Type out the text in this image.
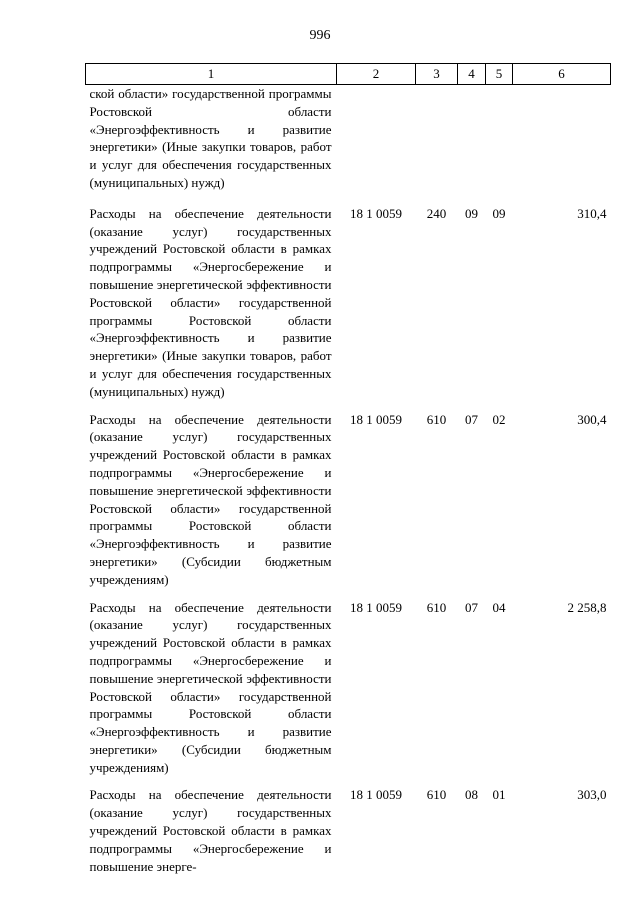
996
1	2	3	4	5	6
ской области» государственной программы Ростовской области «Энергоэффективность и развитие энергетики» (Иные закупки товаров, работ и услуг для обеспечения государственных (муниципальных) нужд)					
Расходы на обеспечение деятельности (оказание услуг) государственных учреждений Ростовской области в рамках подпрограммы «Энергосбережение и повышение энергетической эффективности Ростовской области» государственной программы Ростовской области «Энергоэффективность и развитие энергетики» (Иные закупки товаров, работ и услуг для обеспечения государственных (муниципальных) нужд)	18 1 0059	240	09	09	310,4
Расходы на обеспечение деятельности (оказание услуг) государственных учреждений Ростовской области в рамках подпрограммы «Энергосбережение и повышение энергетической эффективности Ростовской области» государственной программы Ростовской области «Энергоэффективность и развитие энергетики» (Субсидии бюджетным учреждениям)	18 1 0059	610	07	02	300,4
Расходы на обеспечение деятельности (оказание услуг) государственных учреждений Ростовской области в рамках подпрограммы «Энергосбережение и повышение энергетической эффективности Ростовской области» государственной программы Ростовской области «Энергоэффективность и развитие энергетики» (Субсидии бюджетным учреждениям)	18 1 0059	610	07	04	2 258,8
Расходы на обеспечение деятельности (оказание услуг) государственных учреждений Ростовской области в рамках подпрограммы «Энергосбережение и повышение энерге-	18 1 0059	610	08	01	303,0
